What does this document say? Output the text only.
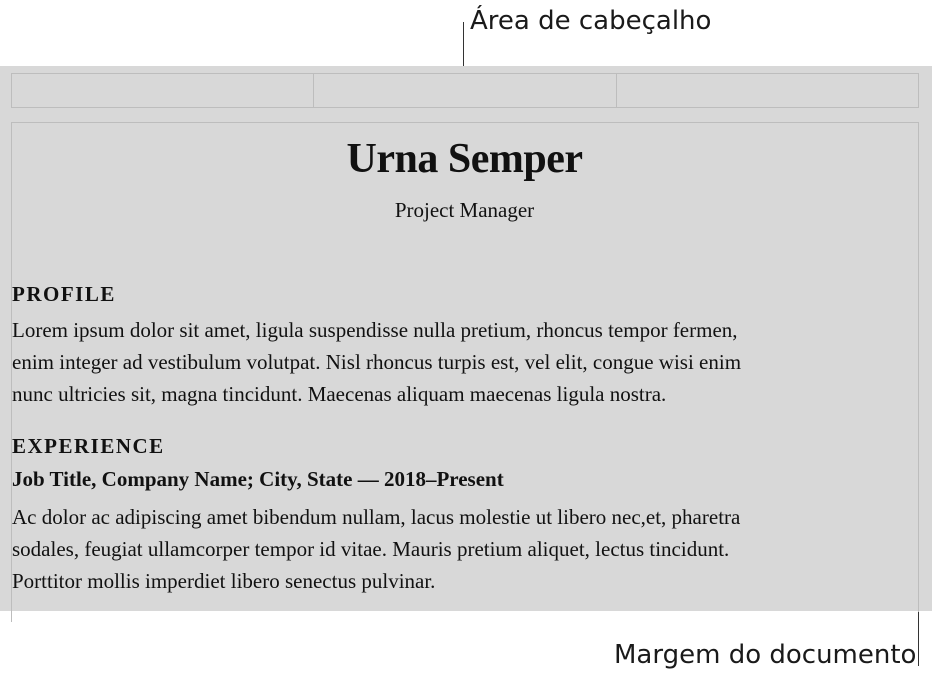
Área de cabeçalho
Urna Semper
Project Manager
PROFILE
Lorem ipsum dolor sit amet, ligula suspendisse nulla pretium, rhoncus tempor fermen,
enim integer ad vestibulum volutpat. Nisl rhoncus turpis est, vel elit, congue wisi enim
nunc ultricies sit, magna tincidunt. Maecenas aliquam maecenas ligula nostra.
EXPERIENCE
Job Title, Company Name; City, State — 2018–Present
Ac dolor ac adipiscing amet bibendum nullam, lacus molestie ut libero nec,et, pharetra
sodales, feugiat ullamcorper tempor id vitae. Mauris pretium aliquet, lectus tincidunt.
Porttitor mollis imperdiet libero senectus pulvinar.
Margem do documento
